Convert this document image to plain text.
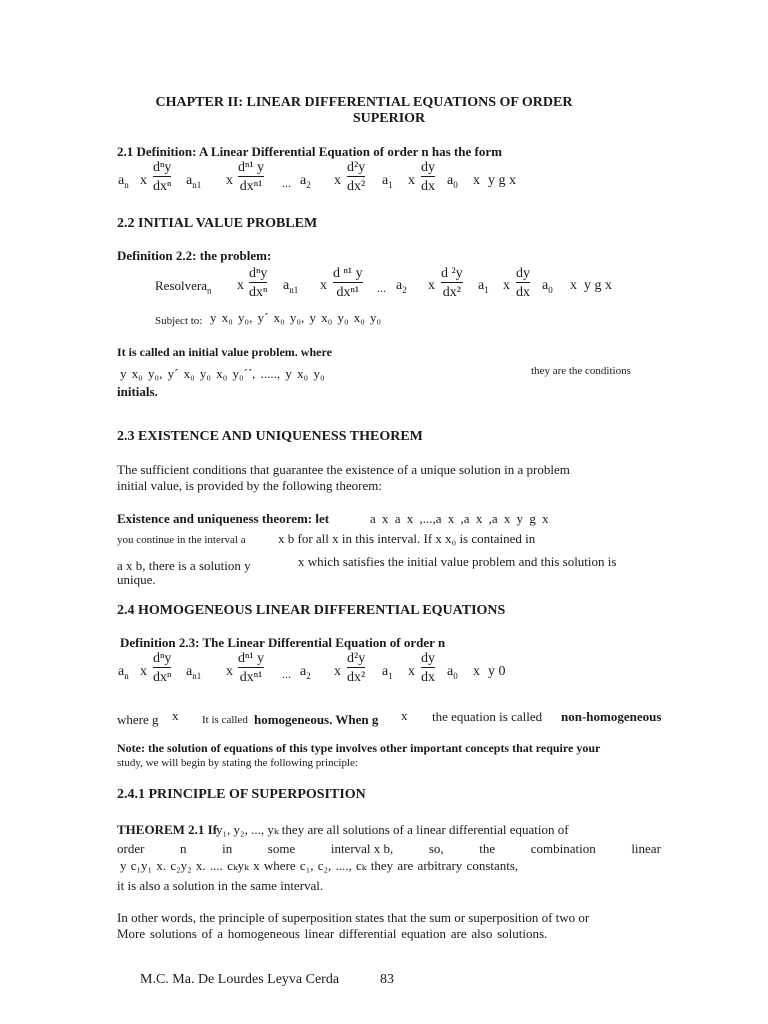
CHAPTER II: LINEAR DIFFERENTIAL EQUATIONS OF ORDER
SUPERIOR
2.1 Definition: A Linear Differential Equation of order n has the form
$a_n$ x
dⁿy
dxⁿ $a_{n1}$ x
dⁿ¹ y
dxⁿ¹ ... $a_2$ x
d²y
dx² $a_1$ x
dy
dx $a_0$ x y g x
2.2 INITIAL VALUE PROBLEM
Definition 2.2: the problem:
Resolvera$_n$ x
dⁿy
dxⁿ $a_{n1}$ x
d ⁿ¹ y
dxⁿ¹ ... $a_2$ x
d ²y
dx² $a_1$ x
dy
dx $a_0$ x y g x
Subject to: y x₀ y₀, y´ x₀ y₀, y x₀ y₀ x₀ y₀
It is called an initial value problem. where
y x₀ y₀, y´ x₀ y₀ x₀ y₀´´, ....., y x₀ y₀	they are the conditions
initials.
2.3 EXISTENCE AND UNIQUENESS THEOREM
The sufficient conditions that guarantee the existence of a unique solution in a problem
initial value, is provided by the following theorem:
Existence and uniqueness theorem: let	a x a x ,...,a x ,a x ,a x y g x
you continue in the interval a x b for all x in this interval. If x x₀ is contained in
a x b, there is a solution y	x which satisfies the initial value problem and this solution is
unique.
2.4 HOMOGENEOUS LINEAR DIFFERENTIAL EQUATIONS
Definition 2.3: The Linear Differential Equation of order n
$a_n$ x
dⁿy
dxⁿ $a_{n1}$ x
dⁿ¹ y
dxⁿ¹ ... $a_2$ x
d²y
dx² $a_1$ x
dy
dx $a_0$ x y 0
where g x It is called homogeneous. When g x the equation is called non-homogeneous
Note: the solution of equations of this type involves other important concepts that require your
study, we will begin by stating the following principle:
2.4.1 PRINCIPLE OF SUPERPOSITION
THEOREM 2.1 If
y₁, y₂, ..., yₖ they are all solutions of a linear differential equation of
order	n	in	some	interval x b,	so,	the	combination	linear
y c₁y₁ x. c₂y₂ x. .... cₖyₖ x where c₁, c₂, ...., cₖ they are arbitrary constants,
it is also a solution in the same interval.
In other words, the principle of superposition states that the sum or superposition of two or
More solutions of a homogeneous linear differential equation are also solutions.
M.C. Ma. De Lourdes Leyva Cerda	83
